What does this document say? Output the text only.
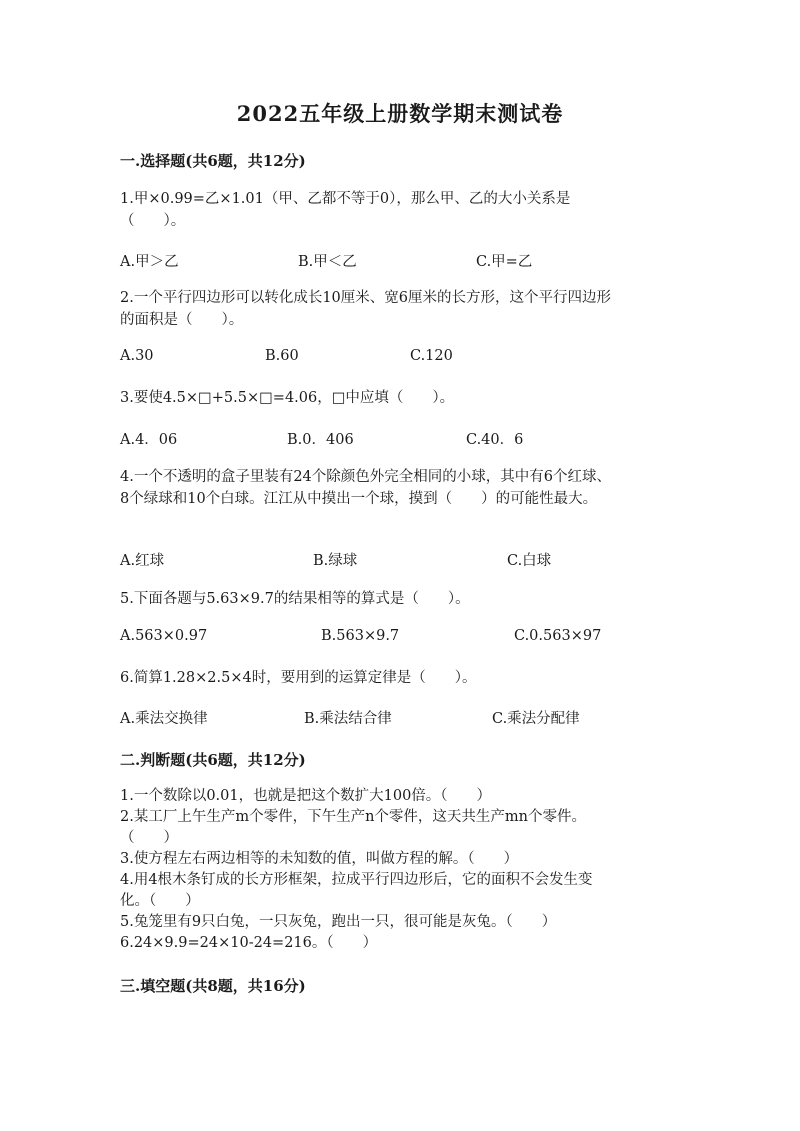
2022五年级上册数学期末测试卷
一.选择题(共6题，共12分)
1.甲×0.99=乙×1.01（甲、乙都不等于0），那么甲、乙的大小关系是
（　　）。
A.甲＞乙	B.甲＜乙	C.甲=乙
2.一个平行四边形可以转化成长10厘米、宽6厘米的长方形，这个平行四边形
的面积是（　　）。
A.30	B.60	C.120
3.要使4.5×□+5.5×□=4.06，□中应填（　　）。
A.4．06	B.0．406	C.40．6
4.一个不透明的盒子里装有24个除颜色外完全相同的小球，其中有6个红球、
8个绿球和10个白球。江江从中摸出一个球，摸到（　　）的可能性最大。
A.红球	B.绿球	C.白球
5.下面各题与5.63×9.7的结果相等的算式是（　　）。
A.563×0.97	B.563×9.7	C.0.563×97
6.简算1.28×2.5×4时，要用到的运算定律是（　　）。
A.乘法交换律	B.乘法结合律	C.乘法分配律
二.判断题(共6题，共12分)
1.一个数除以0.01，也就是把这个数扩大100倍。（　　）
2.某工厂上午生产m个零件，下午生产n个零件，这天共生产mn个零件。
（　　）
3.使方程左右两边相等的未知数的值，叫做方程的解。（　　）
4.用4根木条钉成的长方形框架，拉成平行四边形后，它的面积不会发生变
化。（　　）
5.兔笼里有9只白兔，一只灰兔，跑出一只，很可能是灰兔。（　　）
6.24×9.9=24×10-24=216。（　　）
三.填空题(共8题，共16分)
